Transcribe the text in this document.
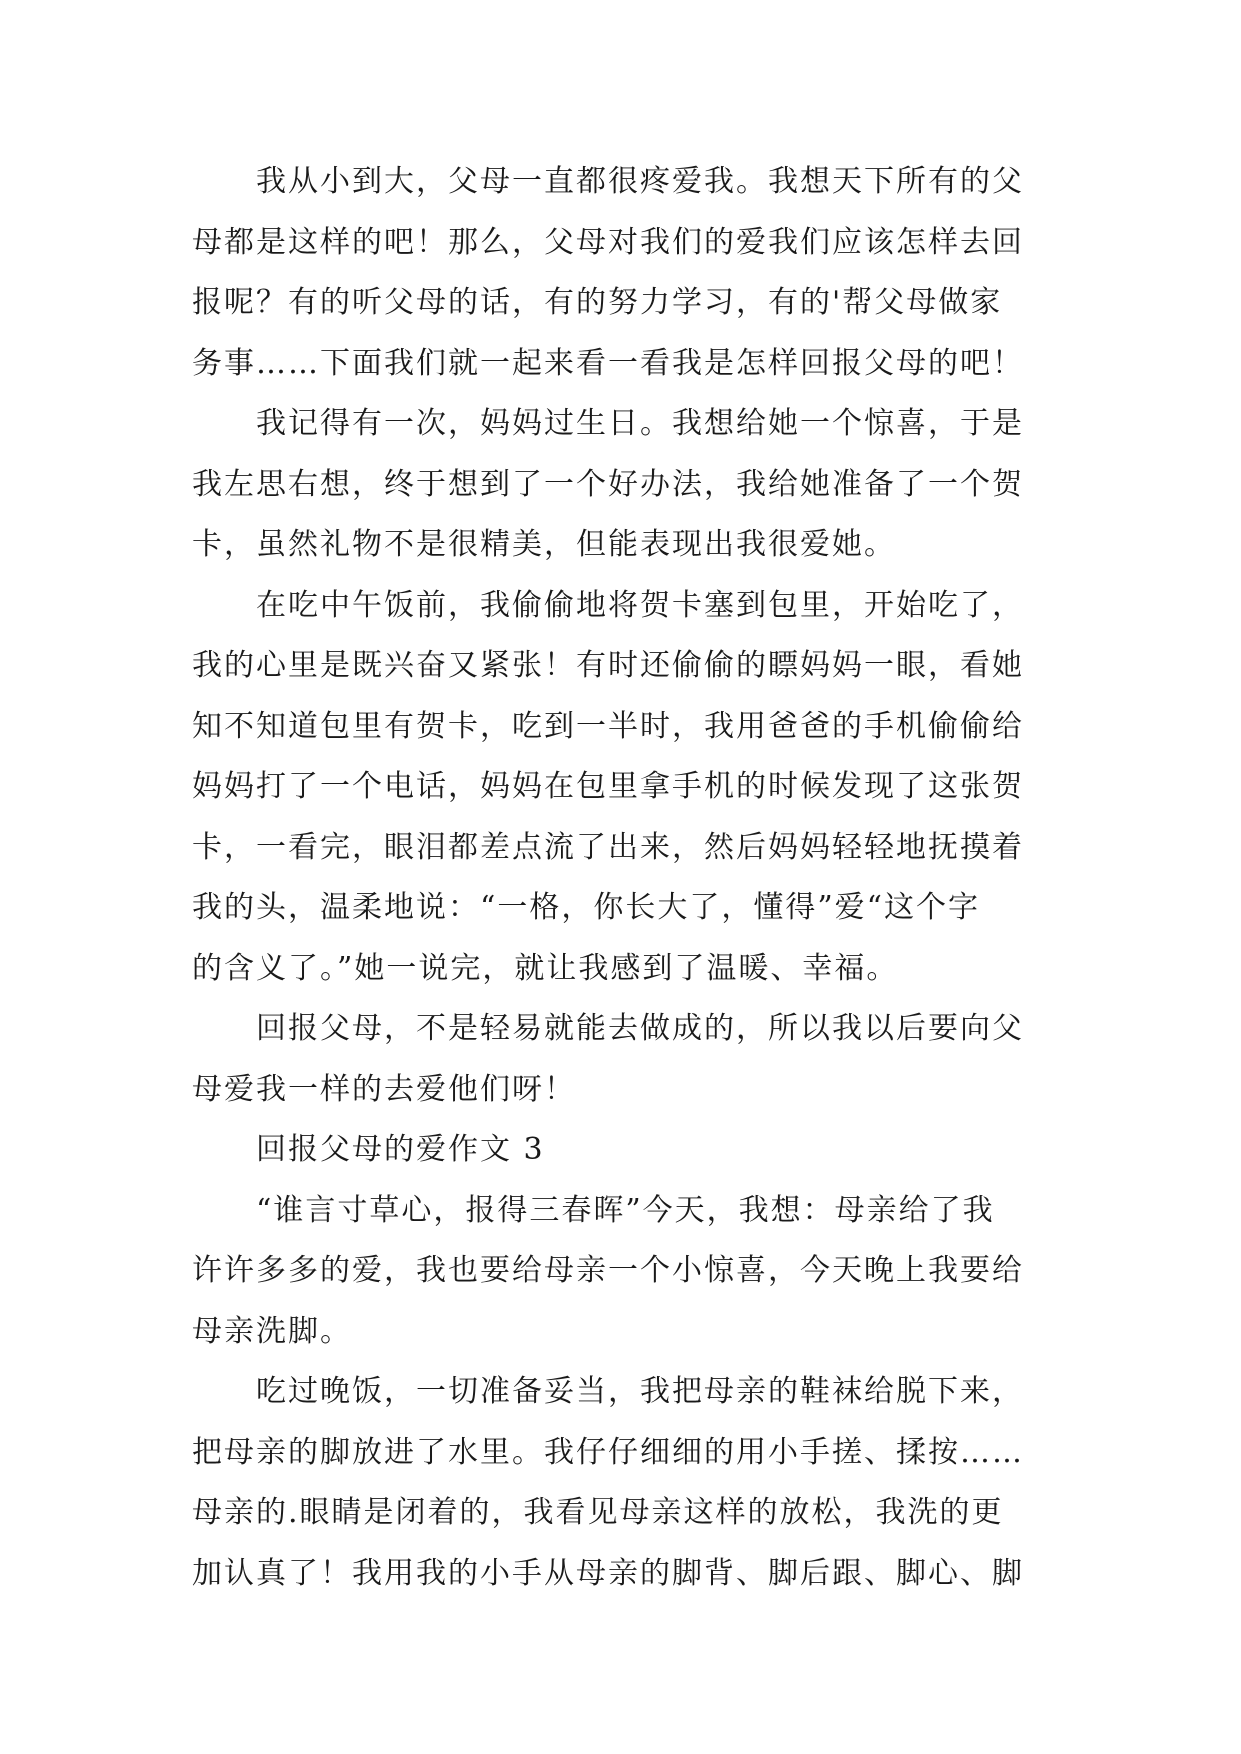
我从小到大，父母一直都很疼爱我。我想天下所有的父
母都是这样的吧！那么，父母对我们的爱我们应该怎样去回
报呢？有的听父母的话，有的努力学习，有的'帮父母做家
务事……下面我们就一起来看一看我是怎样回报父母的吧！
我记得有一次，妈妈过生日。我想给她一个惊喜，于是
我左思右想，终于想到了一个好办法，我给她准备了一个贺
卡，虽然礼物不是很精美，但能表现出我很爱她。
在吃中午饭前，我偷偷地将贺卡塞到包里，开始吃了，
我的心里是既兴奋又紧张！有时还偷偷的瞟妈妈一眼，看她
知不知道包里有贺卡，吃到一半时，我用爸爸的手机偷偷给
妈妈打了一个电话，妈妈在包里拿手机的时候发现了这张贺
卡，一看完，眼泪都差点流了出来，然后妈妈轻轻地抚摸着
我的头，温柔地说：“一格，你长大了，懂得”爱“这个字
的含义了。”她一说完，就让我感到了温暖、幸福。
回报父母，不是轻易就能去做成的，所以我以后要向父
母爱我一样的去爱他们呀！
回报父母的爱作文 3
“谁言寸草心，报得三春晖”今天，我想：母亲给了我
许许多多的爱，我也要给母亲一个小惊喜，今天晚上我要给
母亲洗脚。
吃过晚饭，一切准备妥当，我把母亲的鞋袜给脱下来，
把母亲的脚放进了水里。我仔仔细细的用小手搓、揉按……
母亲的.眼睛是闭着的，我看见母亲这样的放松，我洗的更
加认真了！我用我的小手从母亲的脚背、脚后跟、脚心、脚
